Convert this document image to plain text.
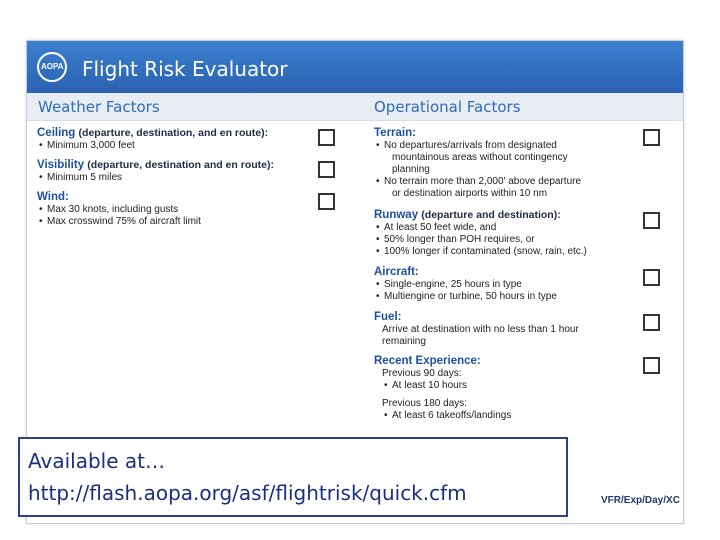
AOPA Flight Risk Evaluator
Weather Factors	Operational Factors
Ceiling (departure, destination, and en route):
• Minimum 3,000 feet
Visibility (departure, destination and en route):
• Minimum 5 miles
Wind:
• Max 30 knots, including gusts
• Max crosswind 75% of aircraft limit
Terrain:
• No departures/arrivals from designated
mountainous areas without contingency
planning
• No terrain more than 2,000' above departure
or destination airports within 10 nm
Runway (departure and destination):
• At least 50 feet wide, and
• 50% longer than POH requires, or
• 100% longer if contaminated (snow, rain, etc.)
Aircraft:
• Single-engine, 25 hours in type
• Multiengine or turbine, 50 hours in type
Fuel:
Arrive at destination with no less than 1 hour
remaining
Recent Experience:
Previous 90 days:
• At least 10 hours
Previous 180 days:
• At least 6 takeoffs/landings
Available at…
http://flash.aopa.org/asf/flightrisk/quick.cfm	VFR/Exp/Day/XC
